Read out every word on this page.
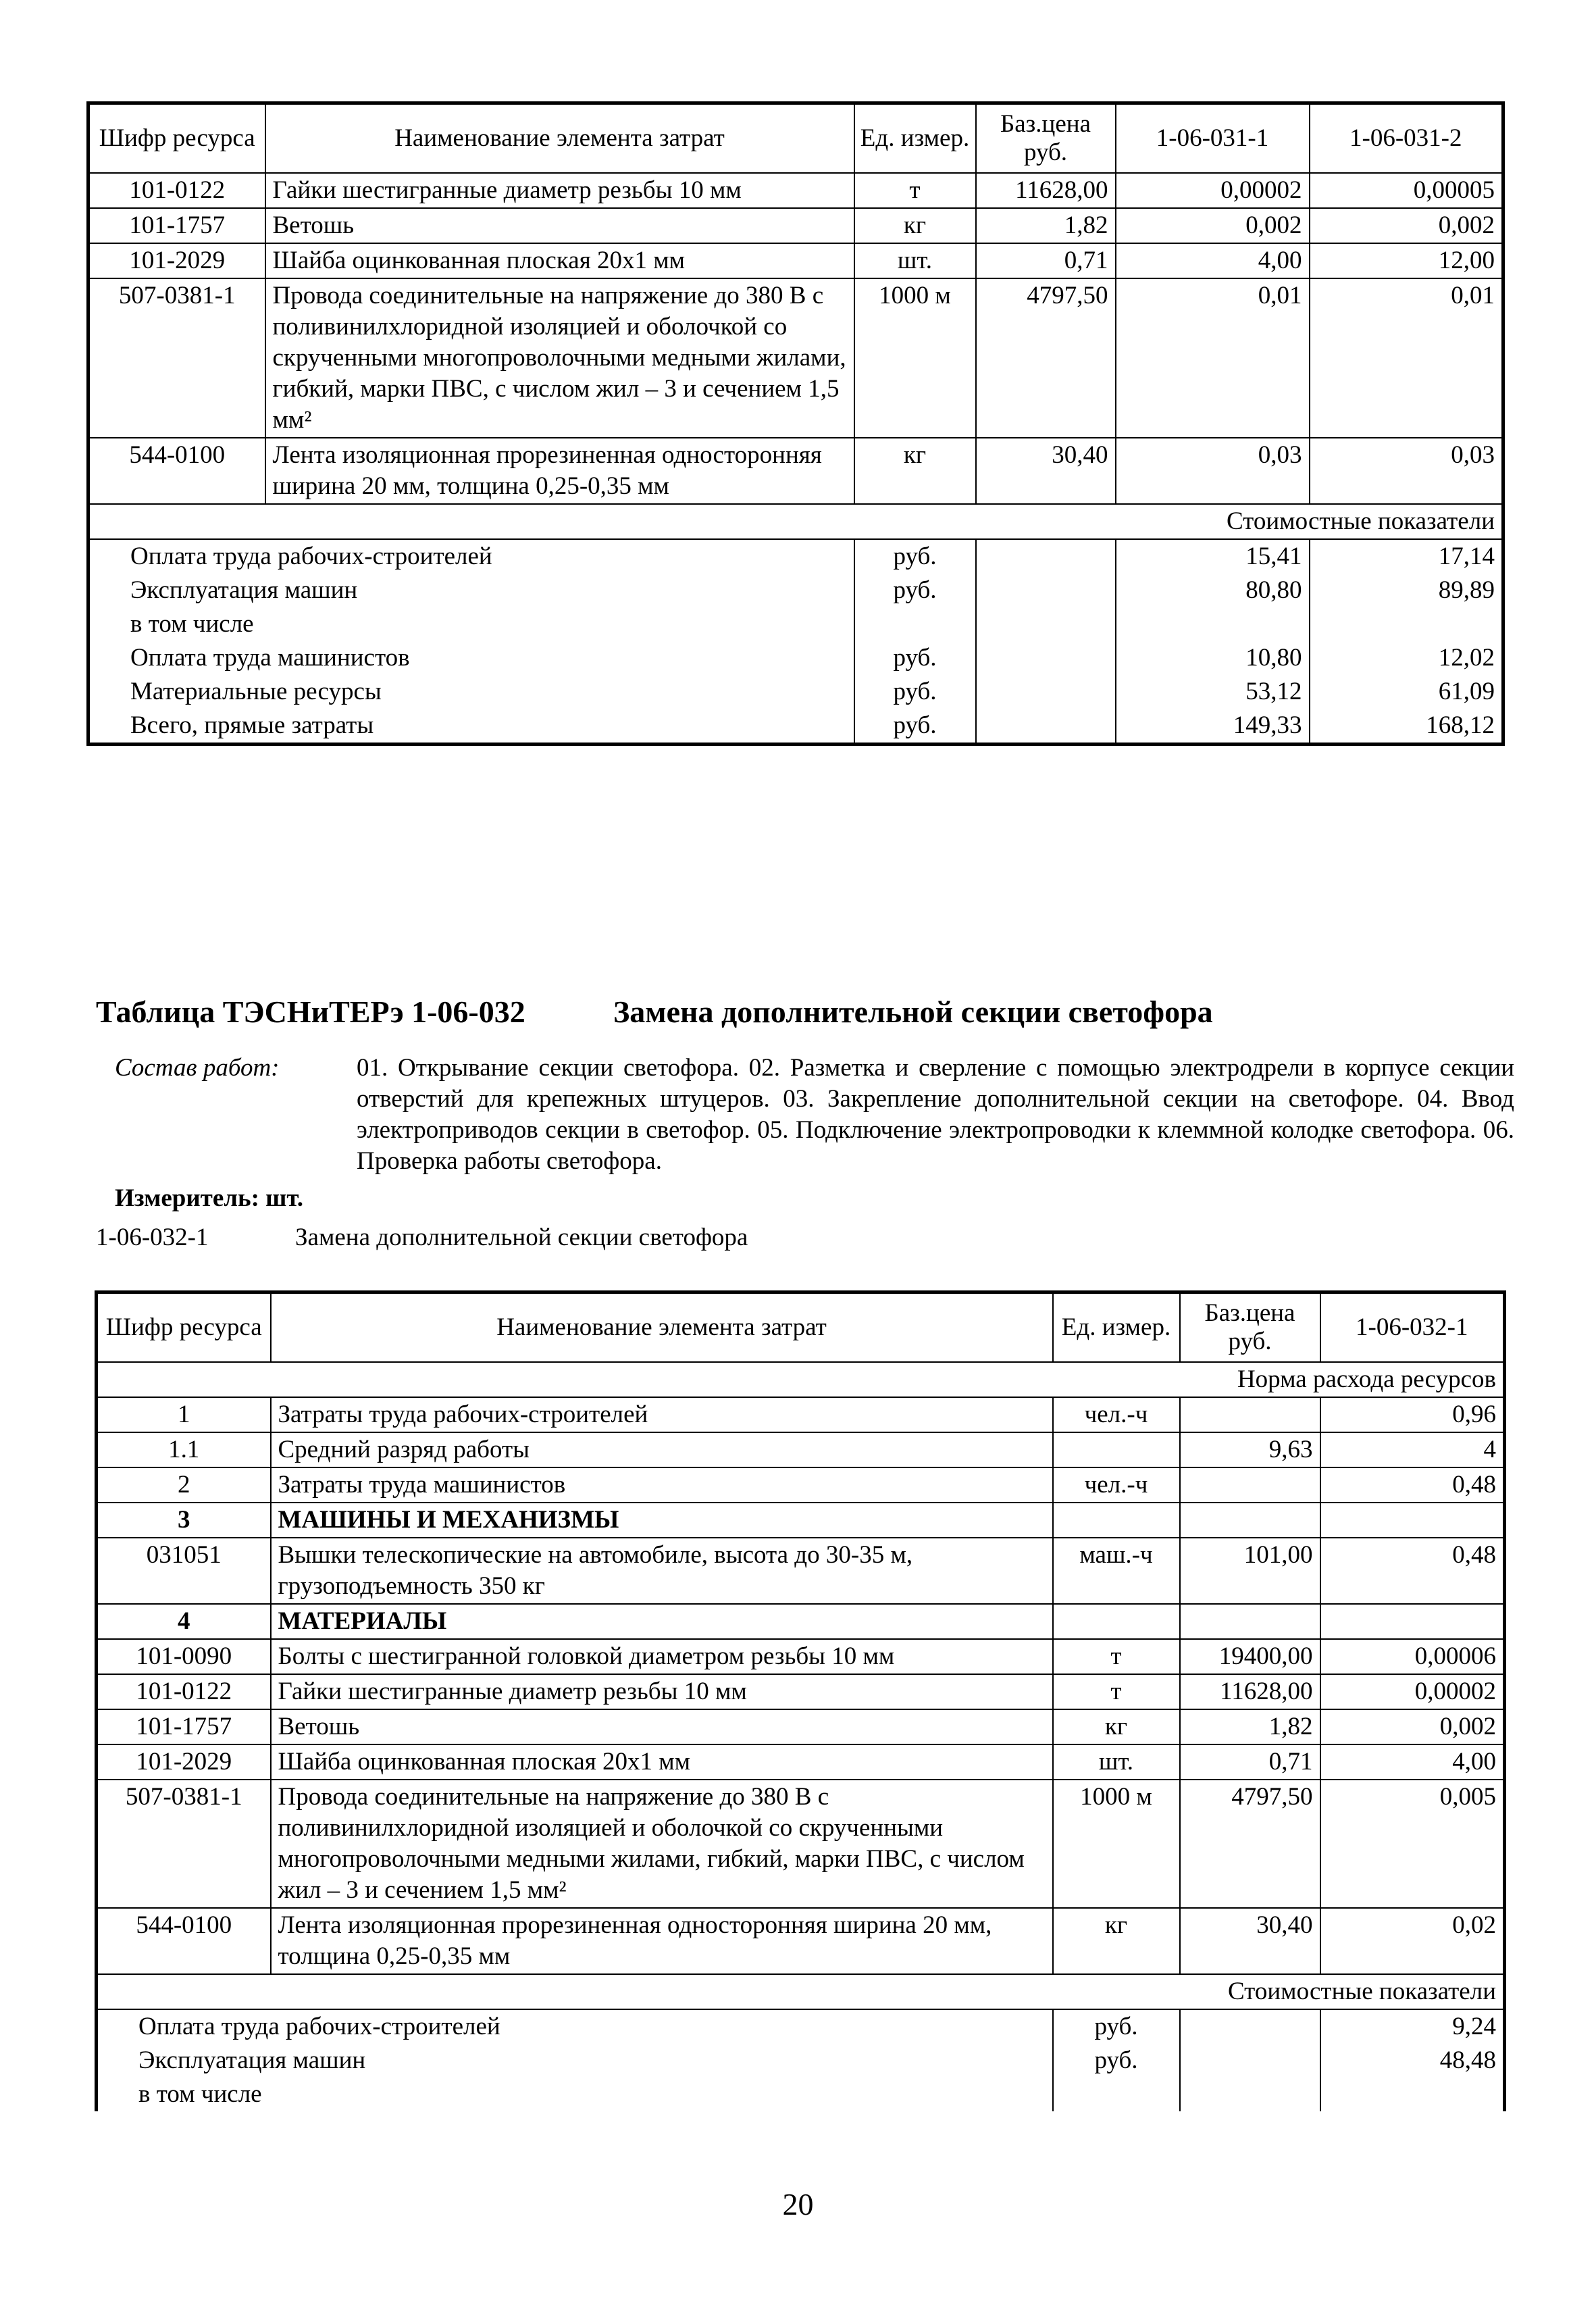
Шифр ресурса	Наименование элемента затрат	Ед. измер.	Баз.цена руб.	1-06-031-1	1-06-031-2
101-0122	Гайки шестигранные диаметр резьбы 10 мм	т	11628,00	0,00002	0,00005
101-1757	Ветошь	кг	1,82	0,002	0,002
101-2029	Шайба оцинкованная плоская 20х1 мм	шт.	0,71	4,00	12,00
507-0381-1	Провода соединительные на напряжение до 380 В с поливинилхлоридной изоляцией и оболочкой со скрученными многопроволочными медными жилами, гибкий, марки ПВС, с числом жил – 3 и сечением 1,5 мм²	1000 м	4797,50	0,01	0,01
544-0100	Лента изоляционная прорезиненная односторонняя ширина 20 мм, толщина 0,25-0,35 мм	кг	30,40	0,03	0,03
Стоимостные показатели					
Оплата труда рабочих-строителей		руб.		15,41	17,14
Эксплуатация машин		руб.		80,80	89,89
в том числе					
Оплата труда машинистов		руб.		10,80	12,02
Материальные ресурсы		руб.		53,12	61,09
Всего, прямые затраты		руб.		149,33	168,12
Таблица ТЭСНиТЕРэ 1-06-032	Замена дополнительной секции светофора
Состав работ:	01. Открывание секции светофора. 02. Разметка и сверление с помощью электродрели в корпусе секции отверстий для крепежных штуцеров. 03. Закрепление дополнительной секции на светофоре. 04. Ввод электроприводов секции в светофор. 05. Подключение электропроводки к клеммной колодке светофора. 06. Проверка работы светофора.
Измеритель: шт.
1-06-032-1	Замена дополнительной секции светофора
Шифр ресурса	Наименование элемента затрат	Ед. измер.	Баз.цена руб.	1-06-032-1
Норма расхода ресурсов				
1	Затраты труда рабочих-строителей	чел.-ч		0,96
1.1	Средний разряд работы		9,63	4
2	Затраты труда машинистов	чел.-ч		0,48
3	МАШИНЫ И МЕХАНИЗМЫ			
031051	Вышки телескопические на автомобиле, высота до 30-35 м, грузоподъемность 350 кг	маш.-ч	101,00	0,48
4	МАТЕРИАЛЫ			
101-0090	Болты с шестигранной головкой диаметром резьбы 10 мм	т	19400,00	0,00006
101-0122	Гайки шестигранные диаметр резьбы 10 мм	т	11628,00	0,00002
101-1757	Ветошь	кг	1,82	0,002
101-2029	Шайба оцинкованная плоская 20х1 мм	шт.	0,71	4,00
507-0381-1	Провода соединительные на напряжение до 380 В с поливинилхлоридной изоляцией и оболочкой со скрученными многопроволочными медными жилами, гибкий, марки ПВС, с числом жил – 3 и сечением 1,5 мм²	1000 м	4797,50	0,005
544-0100	Лента изоляционная прорезиненная односторонняя ширина 20 мм, толщина 0,25-0,35 мм	кг	30,40	0,02
Стоимостные показатели				
Оплата труда рабочих-строителей		руб.		9,24
Эксплуатация машин		руб.		48,48
в том числе				
20
